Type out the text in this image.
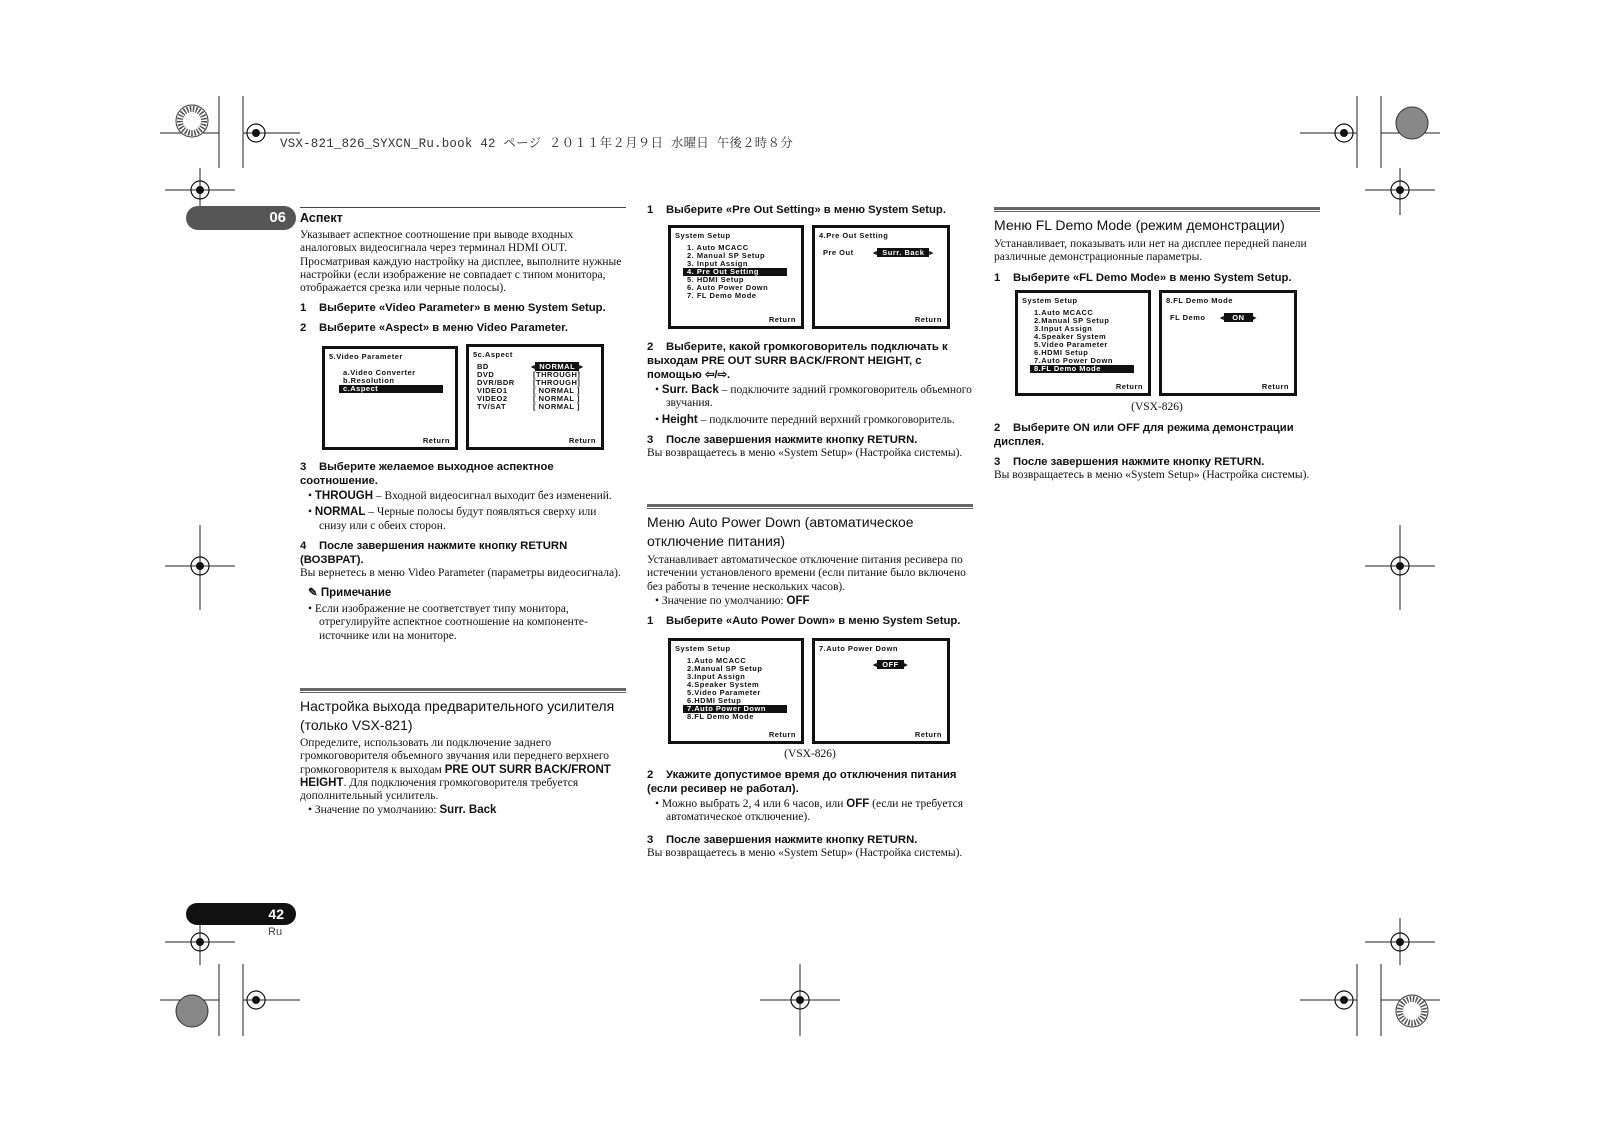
VSX-821_826_SYXCN_Ru.book 42 ページ ２０１１年２月９日 水曜日 午後２時８分
06
42
Ru

Аспект

Указывает аспектное соотношение при выводе входных аналоговых видеосигнала через терминал HDMI OUT. Просматривая каждую настройку на дисплее, выполните нужные настройки (если изображение не совпадает с типом монитора, отображается срезка или черные полосы).

1 Выберите «Video Parameter» в меню System Setup.

2 Выберите «Aspect» в меню Video Parameter.

5.Video Parameter
a.Video Converter
b.Resolution
c.Aspect
Return
5c.Aspect
BD	◂ NORMAL ▸
DVD	[THROUGH]
DVR/BDR [THROUGH]
VIDEO1	[ NORMAL ]
VIDEO2	[ NORMAL ]
TV/SAT	[ NORMAL ]
Return

3 Выберите желаемое выходное аспектное соотношение.

• THROUGH – Входной видеосигнал выходит без изменений.

• NORMAL – Черные полосы будут появляться сверху или снизу или с обеих сторон.

4 После завершения нажмите кнопку RETURN (ВОЗВРАТ).

Вы вернетесь в меню Video Parameter (параметры видеосигнала).

✎ Примечание

• Если изображение не соответствует типу монитора, отрегулируйте аспектное соотношение на компоненте-источнике или на мониторе.

Настройка выхода предварительного усилителя (только VSX-821)

Определите, использовать ли подключение заднего громкоговорителя объемного звучания или переднего верхнего громкоговорителя к выходам PRE OUT SURR BACK/FRONT HEIGHT. Для подключения громкоговорителя требуется дополнительный усилитель.

• Значение по умолчанию: Surr. Back

1 Выберите «Pre Out Setting» в меню System Setup.

System Setup
1. Auto MCACC
2. Manual SP Setup
3. Input Assign
4. Pre Out Setting
5. HDMI Setup
6. Auto Power Down
7. FL Demo Mode
Return
4.Pre Out Setting
Pre Out	◂ Surr. Back ▸
Return

2 Выберите, какой громкоговоритель подключать к выходам PRE OUT SURR BACK/FRONT HEIGHT, с помощью ⇦/⇨.

• Surr. Back – подключите задний громкоговоритель объемного звучания.

• Height – подключите передний верхний громкоговоритель.

3 После завершения нажмите кнопку RETURN.

Вы возвращаетесь в меню «System Setup» (Настройка системы).

Меню Auto Power Down (автоматическое отключение питания)

Устанавливает автоматическое отключение питания ресивера по истечении установленого времени (если питание было включено без работы в течение нескольких часов).

• Значение по умолчанию: OFF

1 Выберите «Auto Power Down» в меню System Setup.

System Setup
1.Auto MCACC
2.Manual SP Setup
3.Input Assign
4.Speaker System
5.Video Parameter
6.HDMI Setup
7.Auto Power Down
8.FL Demo Mode
Return
7.Auto Power Down
◂ OFF ▸
Return
(VSX-826)

2 Укажите допустимое время до отключения питания (если ресивер не работал).

• Можно выбрать 2, 4 или 6 часов, или OFF (если не требуется автоматическое отключение).

3 После завершения нажмите кнопку RETURN.

Вы возвращаетесь в меню «System Setup» (Настройка системы).

Меню FL Demo Mode (режим демонстрации)

Устанавливает, показывать или нет на дисплее передней панели различные демонстрационные параметры.

1 Выберите «FL Demo Mode» в меню System Setup.

System Setup
1.Auto MCACC
2.Manual SP Setup
3.Input Assign
4.Speaker System
5.Video Parameter
6.HDMI Setup
7.Auto Power Down
8.FL Demo Mode
Return
8.FL Demo Mode
FL Demo ◂ ON ▸
Return
(VSX-826)

2 Выберите ON или OFF для режима демонстрации дисплея.

3 После завершения нажмите кнопку RETURN.

Вы возвращаетесь в меню «System Setup» (Настройка системы).
